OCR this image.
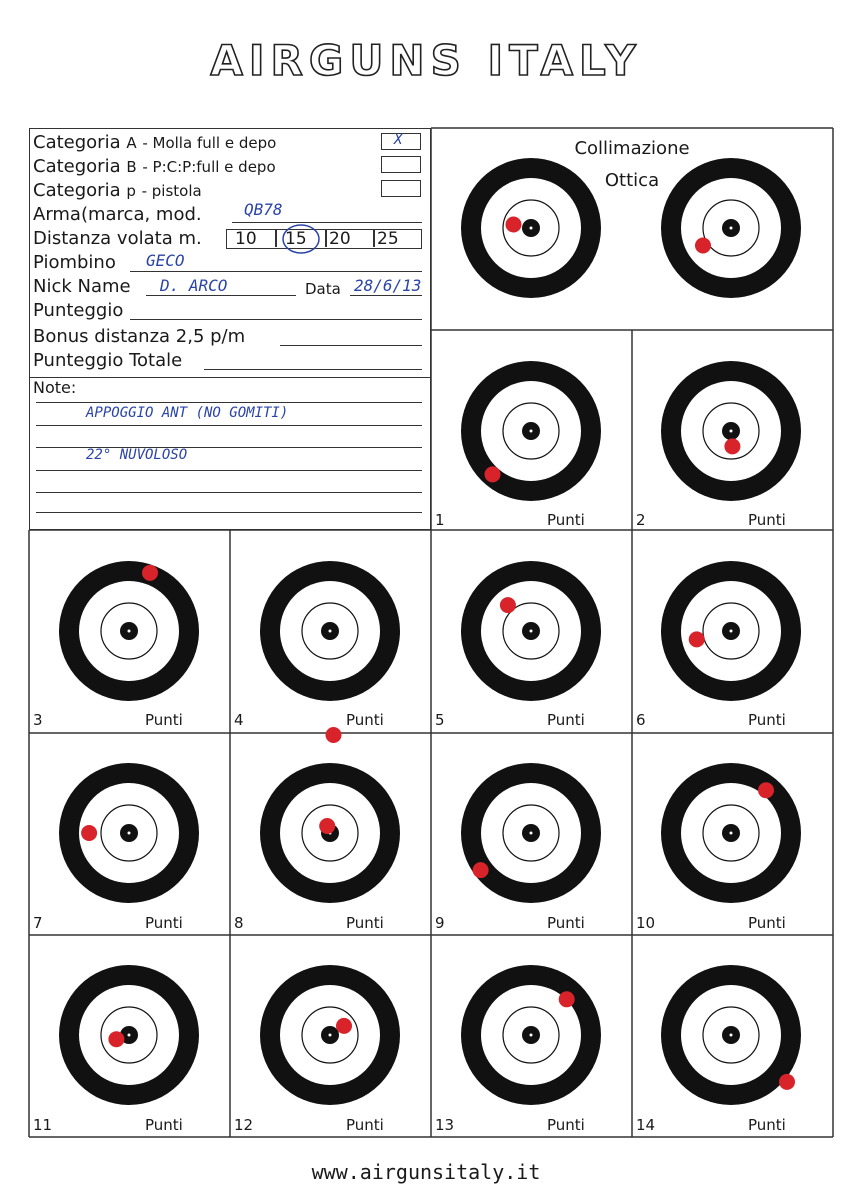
AIRGUNS ITALY
Categoria A - Molla full e depo	X
Categoria B - P:C:P:full e depo
Categoria p - pistola
Arma(marca, mod.	QB78
Distanza volata m. 10 15 20 25
Piombino GECO
Nick Name D. ARCO	Data 28/6/13
Punteggio
Bonus distanza 2,5 p/m
Punteggio Totale
Note:
APPOGGIO ANT (NO GOMITI)
22° NUVOLOSO
Collimazione
Ottica
1	Punti	2	Punti
3	Punti	4	Punti	5	Punti	6	Punti
7	Punti	8	Punti	9	Punti	10	Punti
11	Punti	12	Punti	13	Punti	14	Punti
www.airgunsitaly.it
